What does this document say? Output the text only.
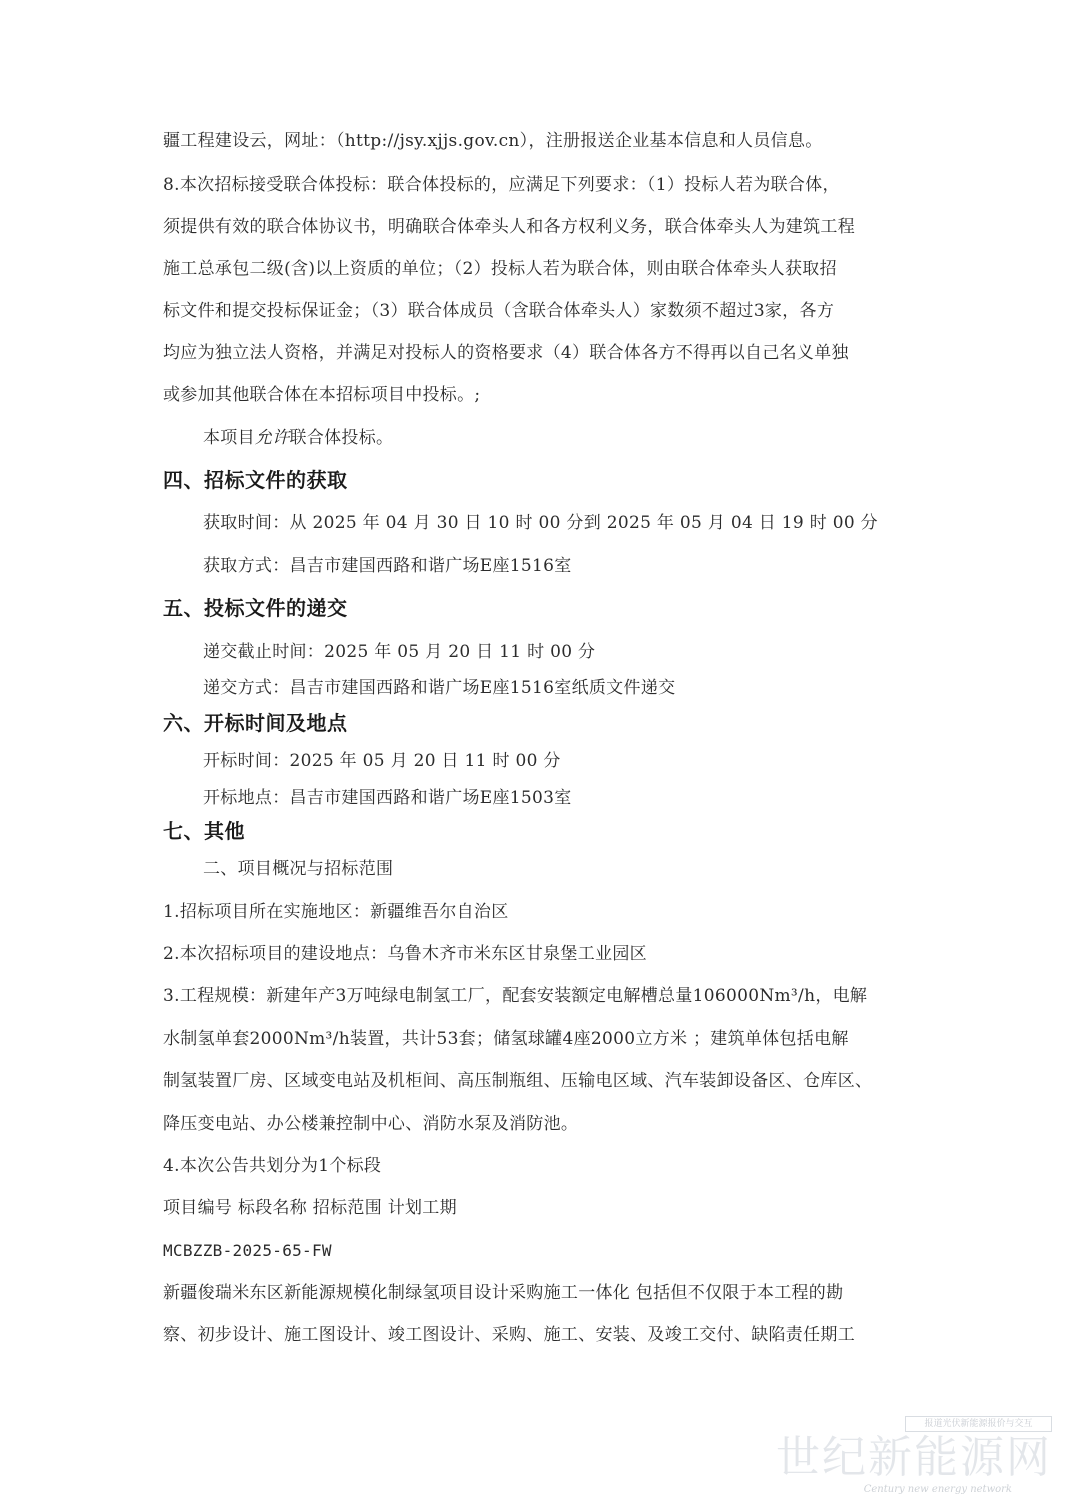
疆工程建设云，网址：（http://jsy.xjjs.gov.cn），注册报送企业基本信息和人员信息。
8.本次招标接受联合体投标：联合体投标的，应满足下列要求：（1）投标人若为联合体，
须提供有效的联合体协议书，明确联合体牵头人和各方权利义务，联合体牵头人为建筑工程
施工总承包二级(含)以上资质的单位；（2）投标人若为联合体，则由联合体牵头人获取招
标文件和提交投标保证金；（3）联合体成员（含联合体牵头人）家数须不超过3家，各方
均应为独立法人资格，并满足对投标人的资格要求（4）联合体各方不得再以自己名义单独
或参加其他联合体在本招标项目中投标。;
本项目允许联合体投标。
四、招标文件的获取
获取时间：从 2025 年 04 月 30 日 10 时 00 分到 2025 年 05 月 04 日 19 时 00 分
获取方式：昌吉市建国西路和谐广场E座1516室
五、投标文件的递交
递交截止时间：2025 年 05 月 20 日 11 时 00 分
递交方式：昌吉市建国西路和谐广场E座1516室纸质文件递交
六、开标时间及地点
开标时间：2025 年 05 月 20 日 11 时 00 分
开标地点：昌吉市建国西路和谐广场E座1503室
七、其他
二、项目概况与招标范围
1.招标项目所在实施地区：新疆维吾尔自治区
2.本次招标项目的建设地点：乌鲁木齐市米东区甘泉堡工业园区
3.工程规模：新建年产3万吨绿电制氢工厂，配套安装额定电解槽总量106000Nm³/h，电解
水制氢单套2000Nm³/h装置，共计53套；储氢球罐4座2000立方米 ；建筑单体包括电解
制氢装置厂房、区域变电站及机柜间、高压制瓶组、压输电区域、汽车装卸设备区、仓库区、
降压变电站、办公楼兼控制中心、消防水泵及消防池。
4.本次公告共划分为1个标段
项目编号 标段名称 招标范围 计划工期
MCBZZB-2025-65-FW
新疆俊瑞米东区新能源规模化制绿氢项目设计采购施工一体化 包括但不仅限于本工程的勘
察、初步设计、施工图设计、竣工图设计、采购、施工、安装、及竣工交付、缺陷责任期工
报道光伏新能源报价与交互
世纪新能源网
Century new energy network
